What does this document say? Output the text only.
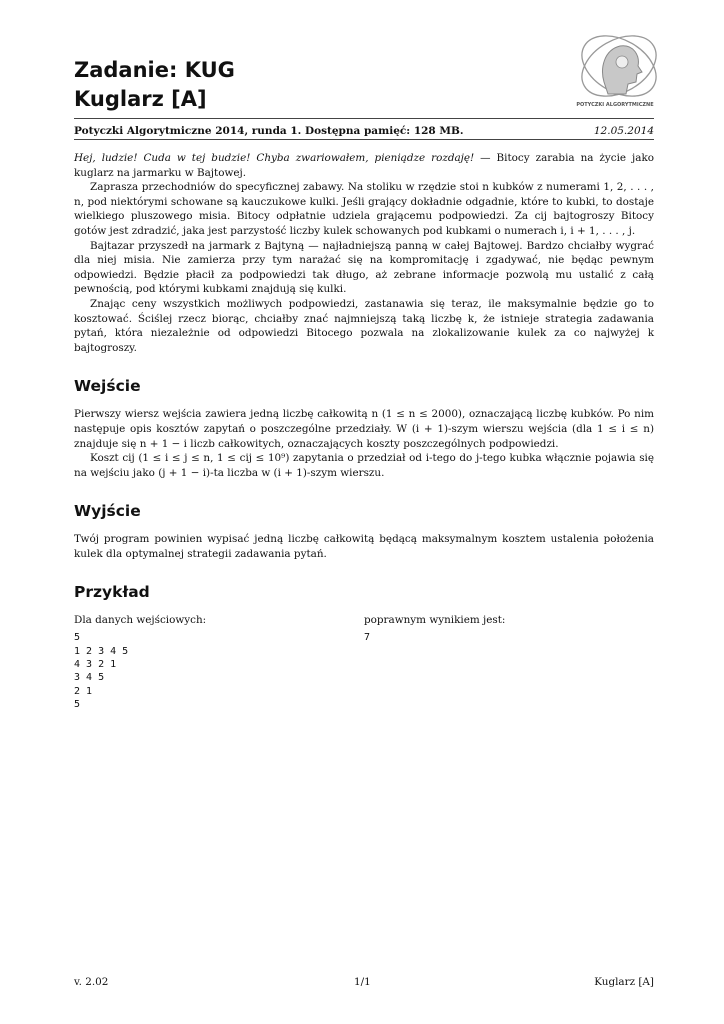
Zadanie: KUG
Kuglarz [A]	POTYCZKI ALGORYTMICZNE
Potyczki Algorytmiczne 2014, runda 1. Dostępna pamięć: 128 MB.	12.05.2014

Hej, ludzie! Cuda w tej budzie! Chyba zwariowałem, pieniądze rozdaję! — Bitocy zarabia na życie jako kuglarz na jarmarku w Bajtowej.

Zaprasza przechodniów do specyficznej zabawy. Na stoliku w rzędzie stoi n kubków z numerami 1, 2, . . . , n, pod niektórymi schowane są kauczukowe kulki. Jeśli grający dokładnie odgadnie, które to kubki, to dostaje wielkiego pluszowego misia. Bitocy odpłatnie udziela grającemu podpowiedzi. Za cij bajtogroszy Bitocy gotów jest zdradzić, jaka jest parzystość liczby kulek schowanych pod kubkami o numerach i, i + 1, . . . , j.

Bajtazar przyszedł na jarmark z Bajtyną — najładniejszą panną w całej Bajtowej. Bardzo chciałby wygrać dla niej misia. Nie zamierza przy tym narażać się na kompromitację i zgadywać, nie będąc pewnym odpowiedzi. Będzie płacił za podpowiedzi tak długo, aż zebrane informacje pozwolą mu ustalić z całą pewnością, pod którymi kubkami znajdują się kulki.

Znając ceny wszystkich możliwych podpowiedzi, zastanawia się teraz, ile maksymalnie będzie go to kosztować. Ściślej rzecz biorąc, chciałby znać najmniejszą taką liczbę k, że istnieje strategia zadawania pytań, która niezależnie od odpowiedzi Bitocego pozwala na zlokalizowanie kulek za co najwyżej k bajtogroszy.

Wejście

Pierwszy wiersz wejścia zawiera jedną liczbę całkowitą n (1 ≤ n ≤ 2000), oznaczającą liczbę kubków. Po nim następuje opis kosztów zapytań o poszczególne przedziały. W (i + 1)-szym wierszu wejścia (dla 1 ≤ i ≤ n) znajduje się n + 1 − i liczb całkowitych, oznaczających koszty poszczególnych podpowiedzi.

Koszt cij (1 ≤ i ≤ j ≤ n, 1 ≤ cij ≤ 10⁹) zapytania o przedział od i-tego do j-tego kubka włącznie pojawia się na wejściu jako (j + 1 − i)-ta liczba w (i + 1)-szym wierszu.

Wyjście

Twój program powinien wypisać jedną liczbę całkowitą będącą maksymalnym kosztem ustalenia położenia kulek dla optymalnej strategii zadawania pytań.

Przykład

Dla danych wejściowych:

5
1 2 3 4 5
4 3 2 1
3 4 5
2 1
5

poprawnym wynikiem jest:

7
v. 2.02	1/1	Kuglarz [A]
